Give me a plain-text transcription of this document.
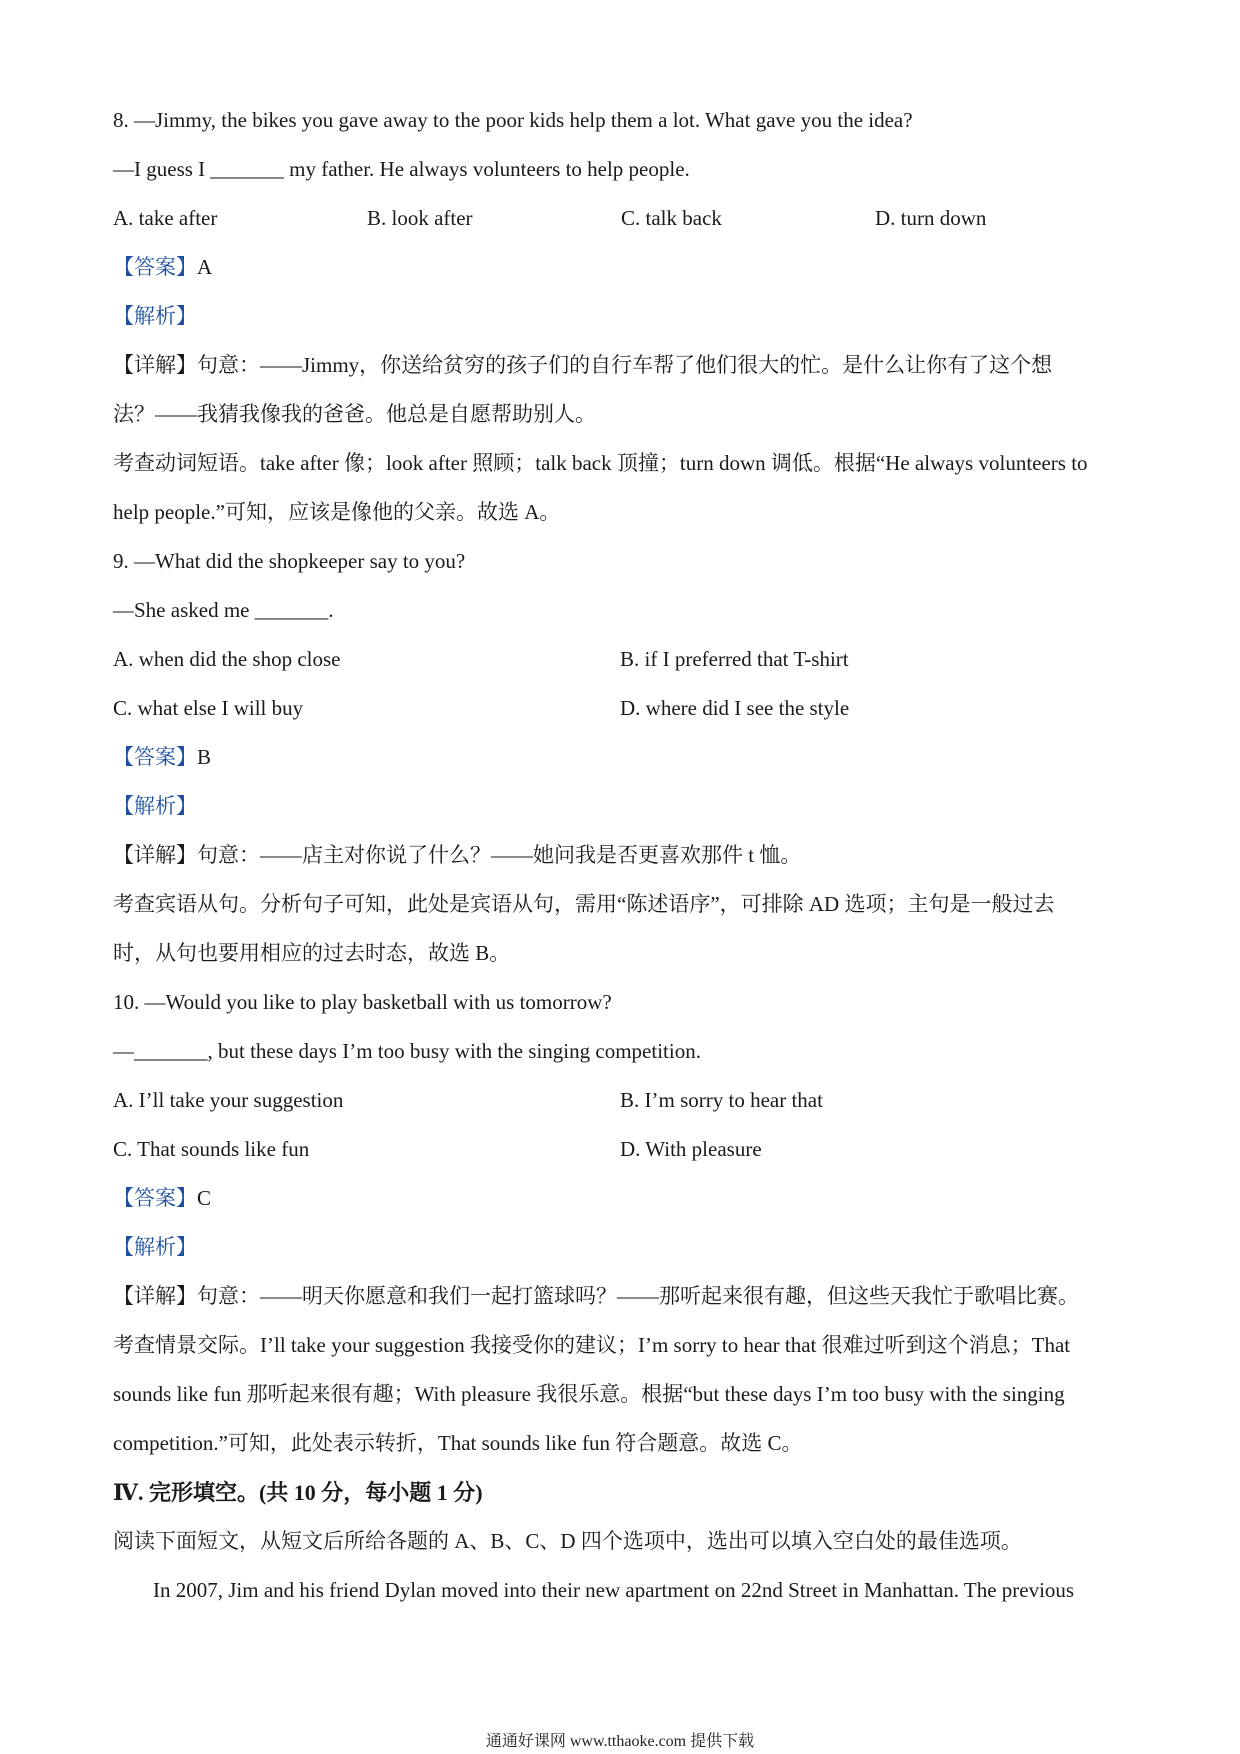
8. —Jimmy, the bikes you gave away to the poor kids help them a lot. What gave you the idea?
—I guess I _______ my father. He always volunteers to help people.
A. take after	B. look after	C. talk back	D. turn down
【答案】A
【解析】
【详解】句意：——Jimmy，你送给贫穷的孩子们的自行车帮了他们很大的忙。是什么让你有了这个想
法？——我猜我像我的爸爸。他总是自愿帮助别人。
考查动词短语。take after 像；look after 照顾；talk back 顶撞；turn down 调低。根据“He always volunteers to
help people.”可知，应该是像他的父亲。故选 A。
9. —What did the shopkeeper say to you?
—She asked me _______.
A. when did the shop close	B. if I preferred that T-shirt
C. what else I will buy	D. where did I see the style
【答案】B
【解析】
【详解】句意：——店主对你说了什么？——她问我是否更喜欢那件 t 恤。
考查宾语从句。分析句子可知，此处是宾语从句，需用“陈述语序”，可排除 AD 选项；主句是一般过去
时，从句也要用相应的过去时态，故选 B。
10. —Would you like to play basketball with us tomorrow?
—_______, but these days I’m too busy with the singing competition.
A. I’ll take your suggestion	B. I’m sorry to hear that
C. That sounds like fun	D. With pleasure
【答案】C
【解析】
【详解】句意：——明天你愿意和我们一起打篮球吗？——那听起来很有趣，但这些天我忙于歌唱比赛。
考查情景交际。I’ll take your suggestion 我接受你的建议；I’m sorry to hear that 很难过听到这个消息；That
sounds like fun 那听起来很有趣；With pleasure 我很乐意。根据“but these days I’m too busy with the singing
competition.”可知，此处表示转折，That sounds like fun 符合题意。故选 C。
Ⅳ. 完形填空。(共 10 分，每小题 1 分)
阅读下面短文，从短文后所给各题的 A、B、C、D 四个选项中，选出可以填入空白处的最佳选项。
In 2007, Jim and his friend Dylan moved into their new apartment on 22nd Street in Manhattan. The previous
通通好课网 www.tthaoke.com 提供下载
